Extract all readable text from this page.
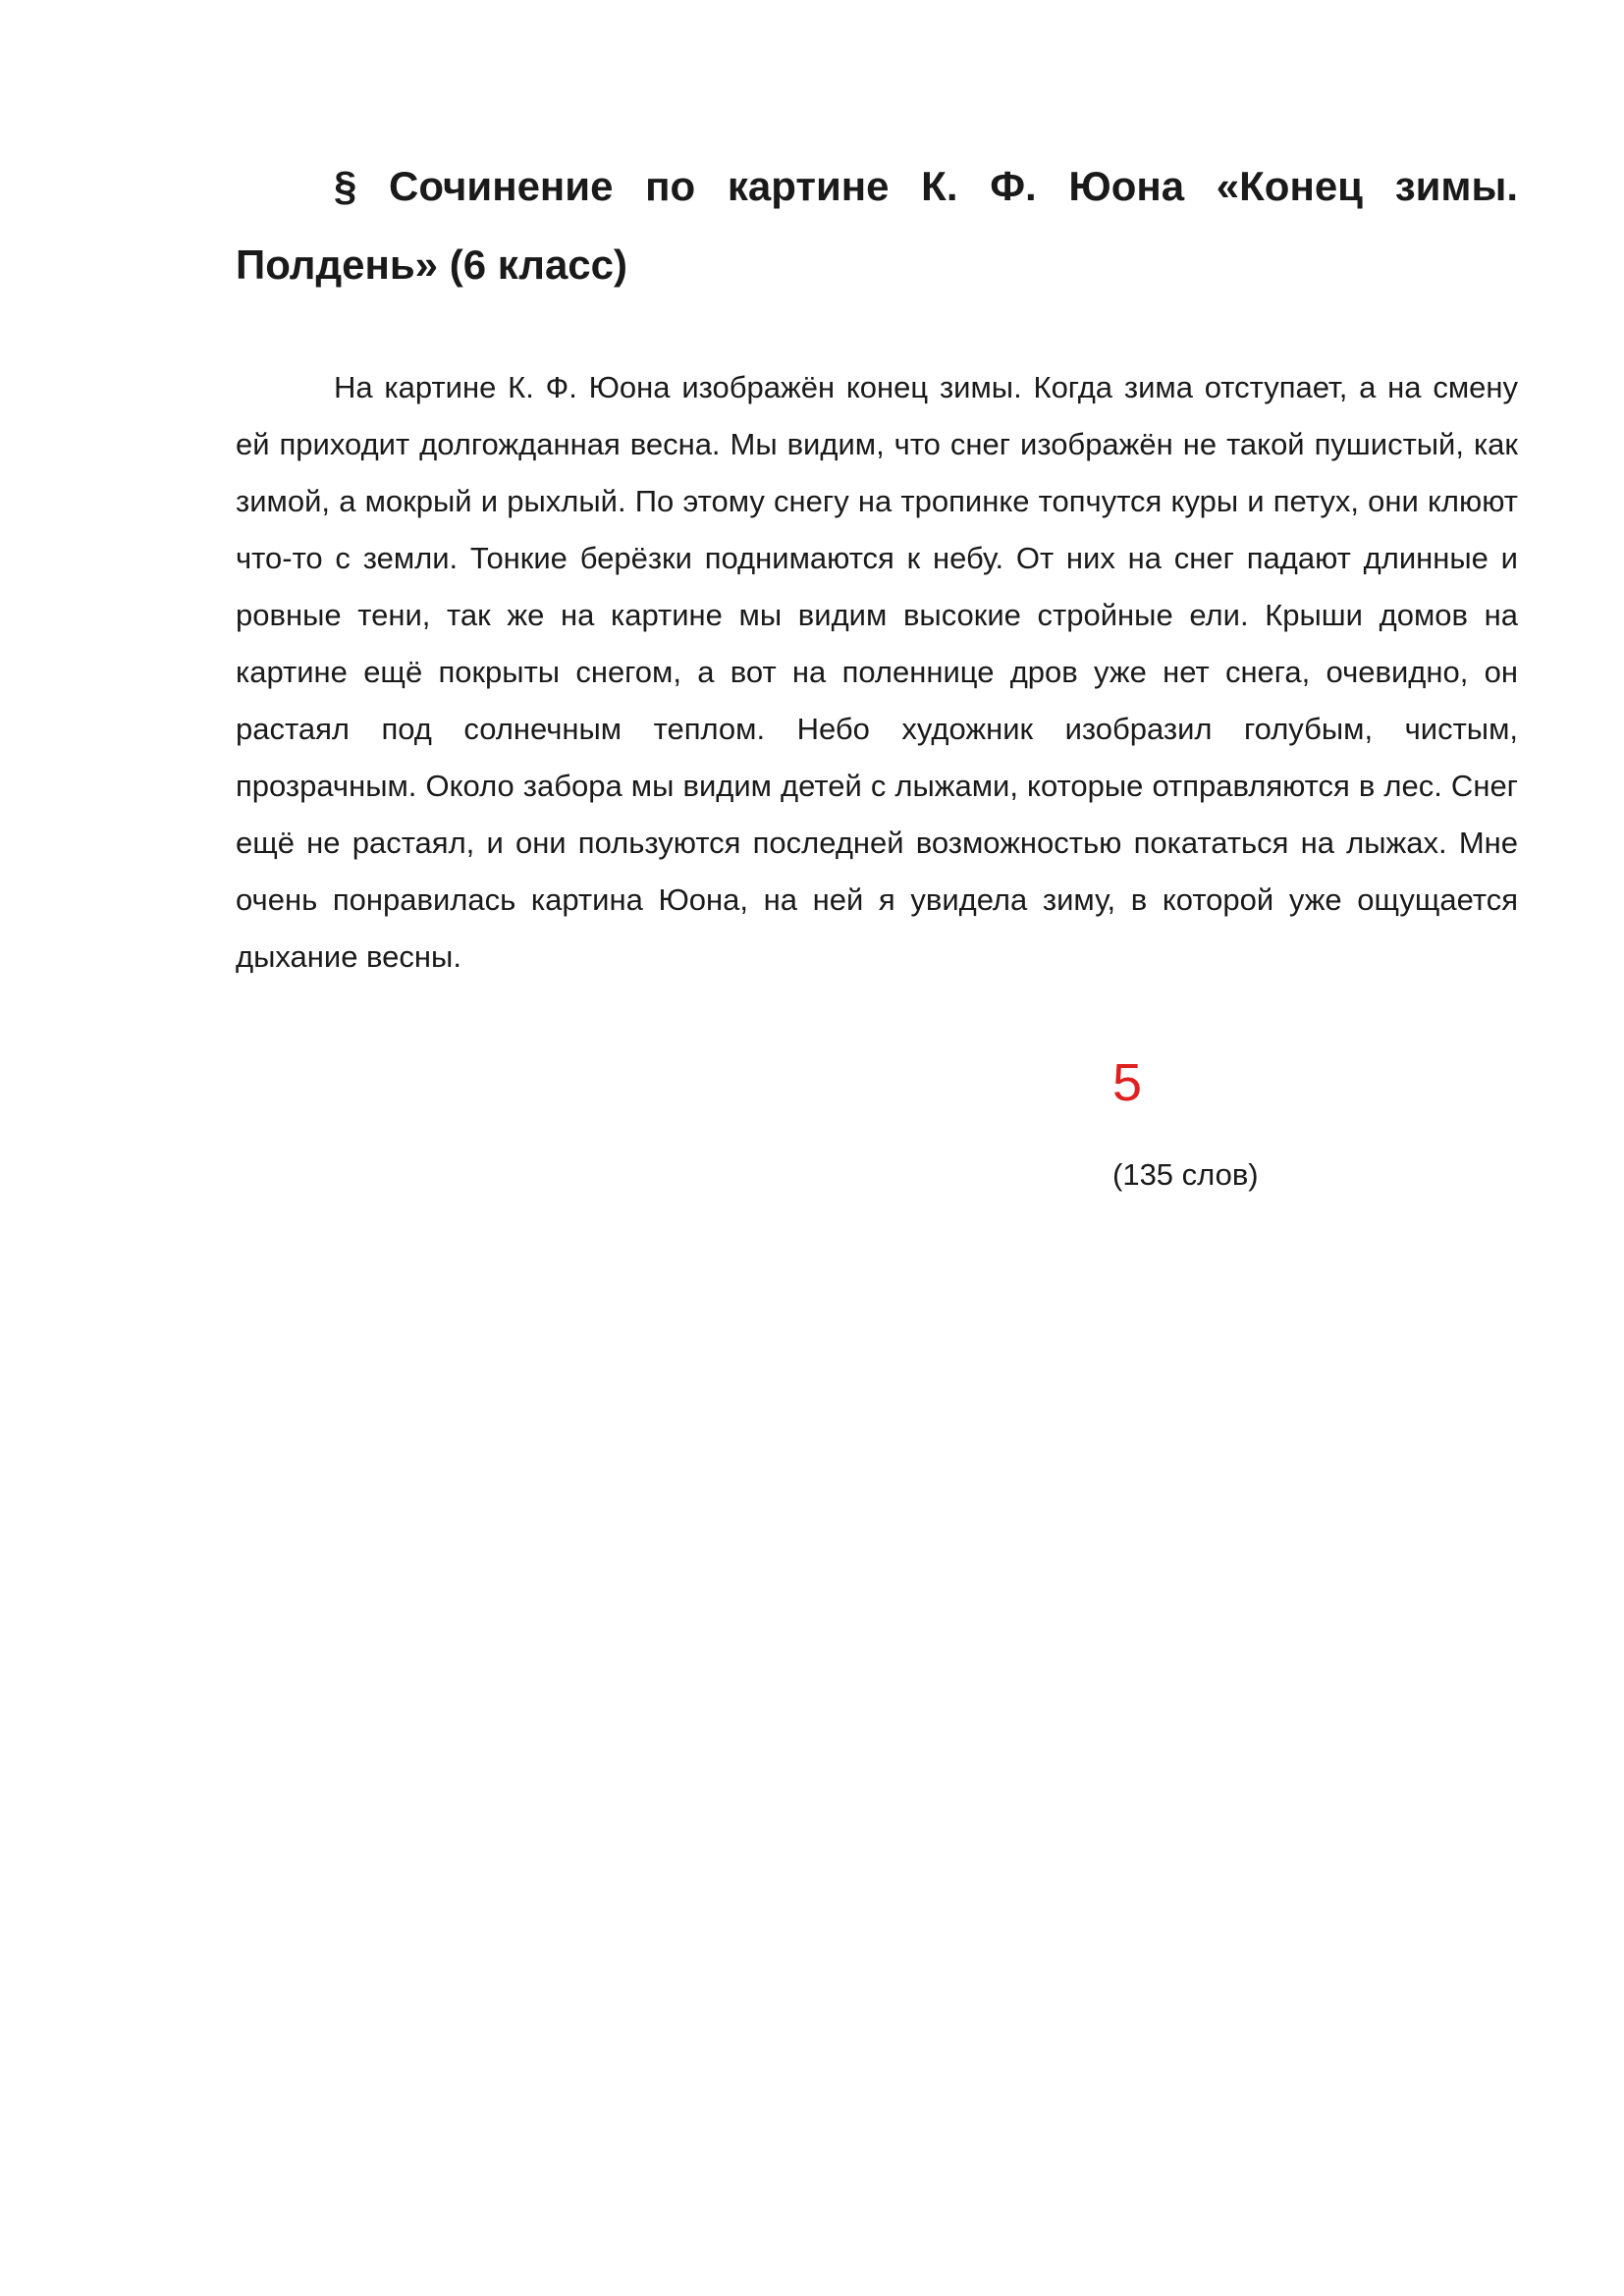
§ Сочинение по картине К. Ф. Юона «Конец зимы. Полдень» (6 класс)

На картине К. Ф. Юона изображён конец зимы. Когда зима отступает, а на смену ей приходит долгожданная весна. Мы видим, что снег изображён не такой пушистый, как зимой, а мокрый и рыхлый. По этому снегу на тропинке топчутся куры и петух, они клюют что-то с земли. Тонкие берёзки поднимаются к небу. От них на снег падают длинные и ровные тени, так же на картине мы видим высокие стройные ели. Крыши домов на картине ещё покрыты снегом, а вот на поленнице дров уже нет снега, очевидно, он растаял под солнечным теплом. Небо художник изобразил голубым, чистым, прозрачным. Около забора мы видим детей с лыжами, которые отправляются в лес. Снег ещё не растаял, и они пользуются последней возможностью покататься на лыжах. Мне очень понравилась картина Юона, на ней я увидела зиму, в которой уже ощущается дыхание весны.

5
(135 слов)
